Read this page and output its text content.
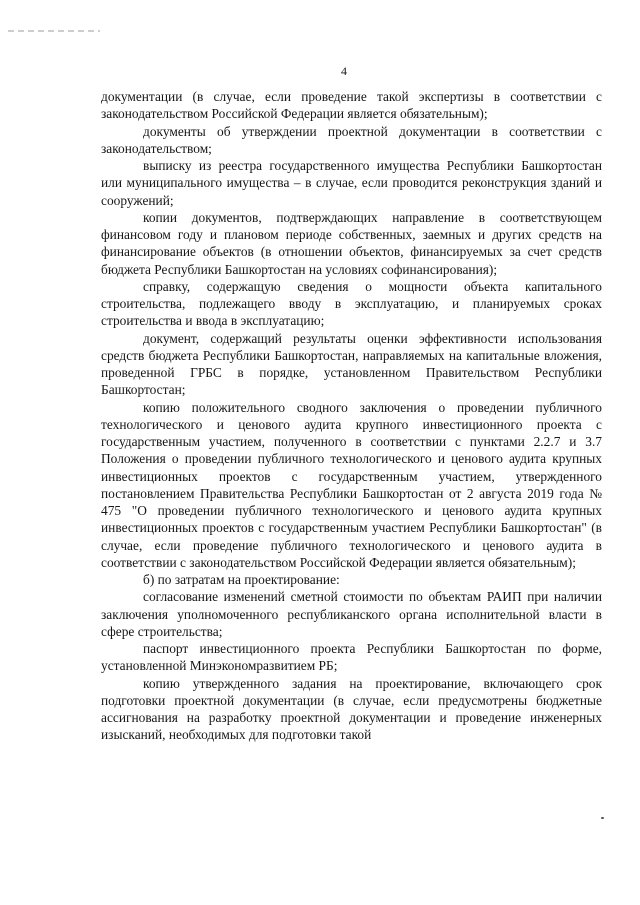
4

документации (в случае, если проведение такой экспертизы в соответствии с законодательством Российской Федерации является обязательным);

документы об утверждении проектной документации в соответствии с законодательством;

выписку из реестра государственного имущества Республики Башкортостан или муниципального имущества – в случае, если проводится реконструкция зданий и сооружений;

копии документов, подтверждающих направление в соответствующем финансовом году и плановом периоде собственных, заемных и других средств на финансирование объектов (в отношении объектов, финансируемых за счет средств бюджета Республики Башкортостан на условиях софинансирования);

справку, содержащую сведения о мощности объекта капитального строительства, подлежащего вводу в эксплуатацию, и планируемых сроках строительства и ввода в эксплуатацию;

документ, содержащий результаты оценки эффективности использования средств бюджета Республики Башкортостан, направляемых на капитальные вложения, проведенной ГРБС в порядке, установленном Правительством Республики Башкортостан;

копию положительного сводного заключения о проведении публичного технологического и ценового аудита крупного инвестиционного проекта с государственным участием, полученного в соответствии с пунктами 2.2.7 и 3.7 Положения о проведении публичного технологического и ценового аудита крупных инвестиционных проектов с государственным участием, утвержденного постановлением Правительства Республики Башкортостан от 2 августа 2019 года № 475 "О проведении публичного технологического и ценового аудита крупных инвестиционных проектов с государственным участием Республики Башкортостан" (в случае, если проведение публичного технологического и ценового аудита в соответствии с законодательством Российской Федерации является обязательным);

б) по затратам на проектирование:

согласование изменений сметной стоимости по объектам РАИП при наличии заключения уполномоченного республиканского органа исполнительной власти в сфере строительства;

паспорт инвестиционного проекта Республики Башкортостан по форме, установленной Минэкономразвитием РБ;

копию утвержденного задания на проектирование, включающего срок подготовки проектной документации (в случае, если предусмотрены бюджетные ассигнования на разработку проектной документации и проведение инженерных изысканий, необходимых для подготовки такой
